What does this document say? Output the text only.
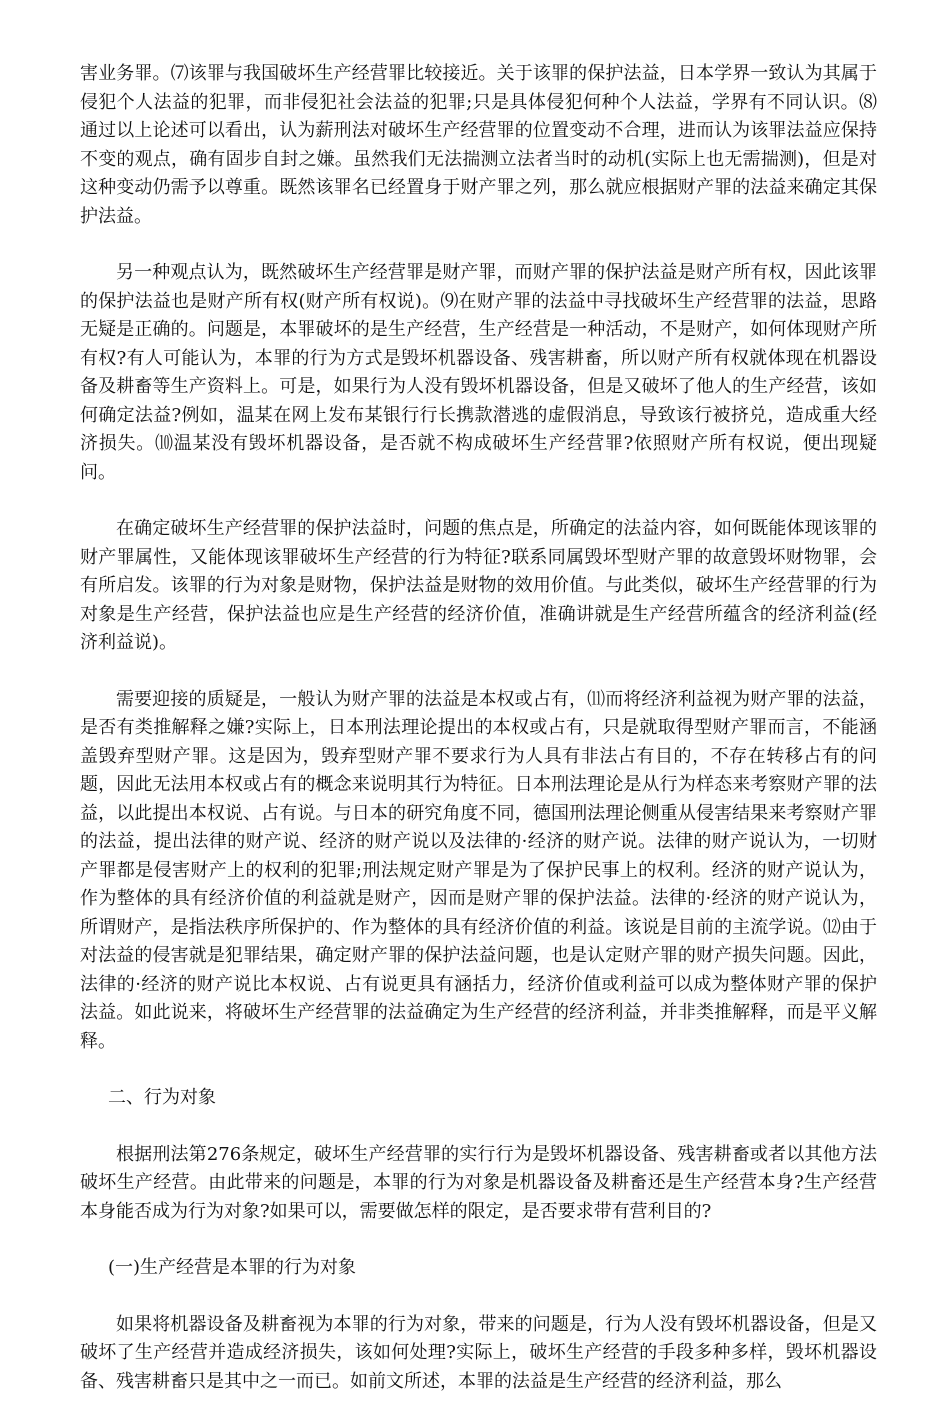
害业务罪。⑺该罪与我国破坏生产经营罪比较接近。关于该罪的保护法益，日本学界一致认为其属于侵犯个人法益的犯罪，而非侵犯社会法益的犯罪;只是具体侵犯何种个人法益，学界有不同认识。⑻通过以上论述可以看出，认为薪刑法对破坏生产经营罪的位置变动不合理，进而认为该罪法益应保持不变的观点，确有固步自封之嫌。虽然我们无法揣测立法者当时的动机(实际上也无需揣测)，但是对这种变动仍需予以尊重。既然该罪名已经置身于财产罪之列，那么就应根据财产罪的法益来确定其保护法益。

另一种观点认为，既然破坏生产经营罪是财产罪，而财产罪的保护法益是财产所有权，因此该罪的保护法益也是财产所有权(财产所有权说)。⑼在财产罪的法益中寻找破坏生产经营罪的法益，思路无疑是正确的。问题是，本罪破坏的是生产经营，生产经营是一种活动，不是财产，如何体现财产所有权?有人可能认为，本罪的行为方式是毁坏机器设备、残害耕畜，所以财产所有权就体现在机器设备及耕畜等生产资料上。可是，如果行为人没有毁坏机器设备，但是又破坏了他人的生产经营，该如何确定法益?例如，温某在网上发布某银行行长携款潜逃的虚假消息，导致该行被挤兑，造成重大经济损失。⑽温某没有毁坏机器设备，是否就不构成破坏生产经营罪?依照财产所有权说，便出现疑问。

在确定破坏生产经营罪的保护法益时，问题的焦点是，所确定的法益内容，如何既能体现该罪的财产罪属性，又能体现该罪破坏生产经营的行为特征?联系同属毁坏型财产罪的故意毁坏财物罪，会有所启发。该罪的行为对象是财物，保护法益是财物的效用价值。与此类似，破坏生产经营罪的行为对象是生产经营，保护法益也应是生产经营的经济价值，准确讲就是生产经营所蕴含的经济利益(经济利益说)。

需要迎接的质疑是，一般认为财产罪的法益是本权或占有，⑾而将经济利益视为财产罪的法益，是否有类推解释之嫌?实际上，日本刑法理论提出的本权或占有，只是就取得型财产罪而言，不能涵盖毁弃型财产罪。这是因为，毁弃型财产罪不要求行为人具有非法占有目的，不存在转移占有的问题，因此无法用本权或占有的概念来说明其行为特征。日本刑法理论是从行为样态来考察财产罪的法益，以此提出本权说、占有说。与日本的研究角度不同，德国刑法理论侧重从侵害结果来考察财产罪的法益，提出法律的财产说、经济的财产说以及法律的·经济的财产说。法律的财产说认为，一切财产罪都是侵害财产上的权利的犯罪;刑法规定财产罪是为了保护民事上的权利。经济的财产说认为，作为整体的具有经济价值的利益就是财产，因而是财产罪的保护法益。法律的·经济的财产说认为，所谓财产，是指法秩序所保护的、作为整体的具有经济价值的利益。该说是目前的主流学说。⑿由于对法益的侵害就是犯罪结果，确定财产罪的保护法益问题，也是认定财产罪的财产损失问题。因此，法律的·经济的财产说比本权说、占有说更具有涵括力，经济价值或利益可以成为整体财产罪的保护法益。如此说来，将破坏生产经营罪的法益确定为生产经营的经济利益，并非类推解释，而是平义解释。

二、行为对象

根据刑法第276条规定，破坏生产经营罪的实行行为是毁坏机器设备、残害耕畜或者以其他方法破坏生产经营。由此带来的问题是，本罪的行为对象是机器设备及耕畜还是生产经营本身?生产经营本身能否成为行为对象?如果可以，需要做怎样的限定，是否要求带有营利目的?

(一)生产经营是本罪的行为对象

如果将机器设备及耕畜视为本罪的行为对象，带来的问题是，行为人没有毁坏机器设备，但是又破坏了生产经营并造成经济损失，该如何处理?实际上，破坏生产经营的手段多种多样，毁坏机器设备、残害耕畜只是其中之一而已。如前文所述，本罪的法益是生产经营的经济利益，那么
